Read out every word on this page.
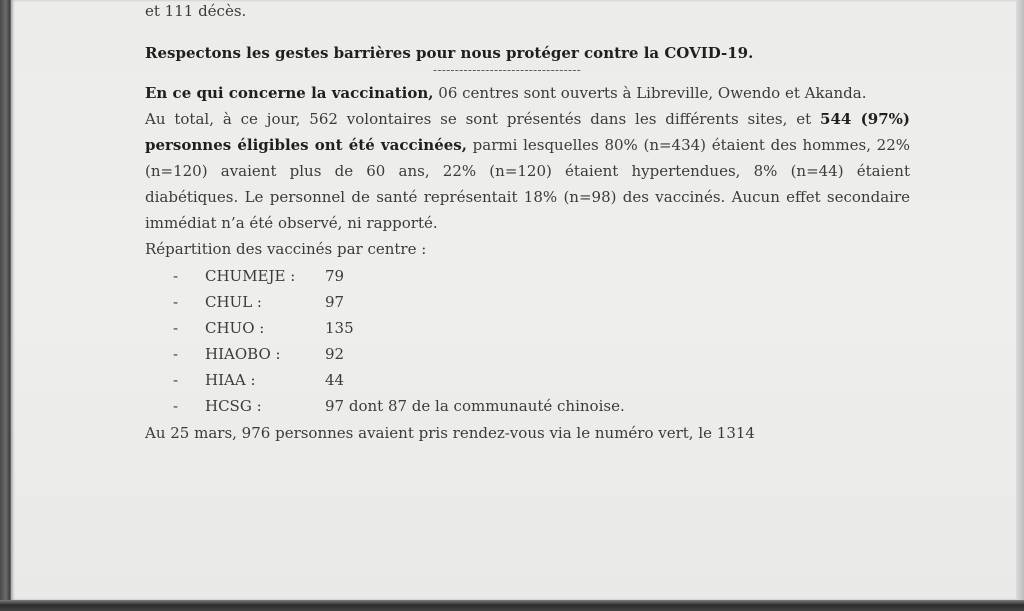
et 111 décès.
Respectons les gestes barrières pour nous protéger contre la COVID-19.
----------------------------------
En ce qui concerne la vaccination, 06 centres sont ouverts à Libreville, Owendo et Akanda.
Au total, à ce jour, 562 volontaires se sont présentés dans les différents sites, et 544 (97%)
personnes éligibles ont été vaccinées, parmi lesquelles 80% (n=434) étaient des hommes, 22%
(n=120) avaient plus de 60 ans, 22% (n=120) étaient hypertendues, 8% (n=44) étaient
diabétiques. Le personnel de santé représentait 18% (n=98) des vaccinés. Aucun effet secondaire
immédiat n’a été observé, ni rapporté.
Répartition des vaccinés par centre :
- CHUMEJE : 79
- CHUL :	97
- CHUO :	135
- HIAOBO :	92
- HIAA :	44
- HCSG :	97 dont 87 de la communauté chinoise.
Au 25 mars, 976 personnes avaient pris rendez-vous via le numéro vert, le 1314
